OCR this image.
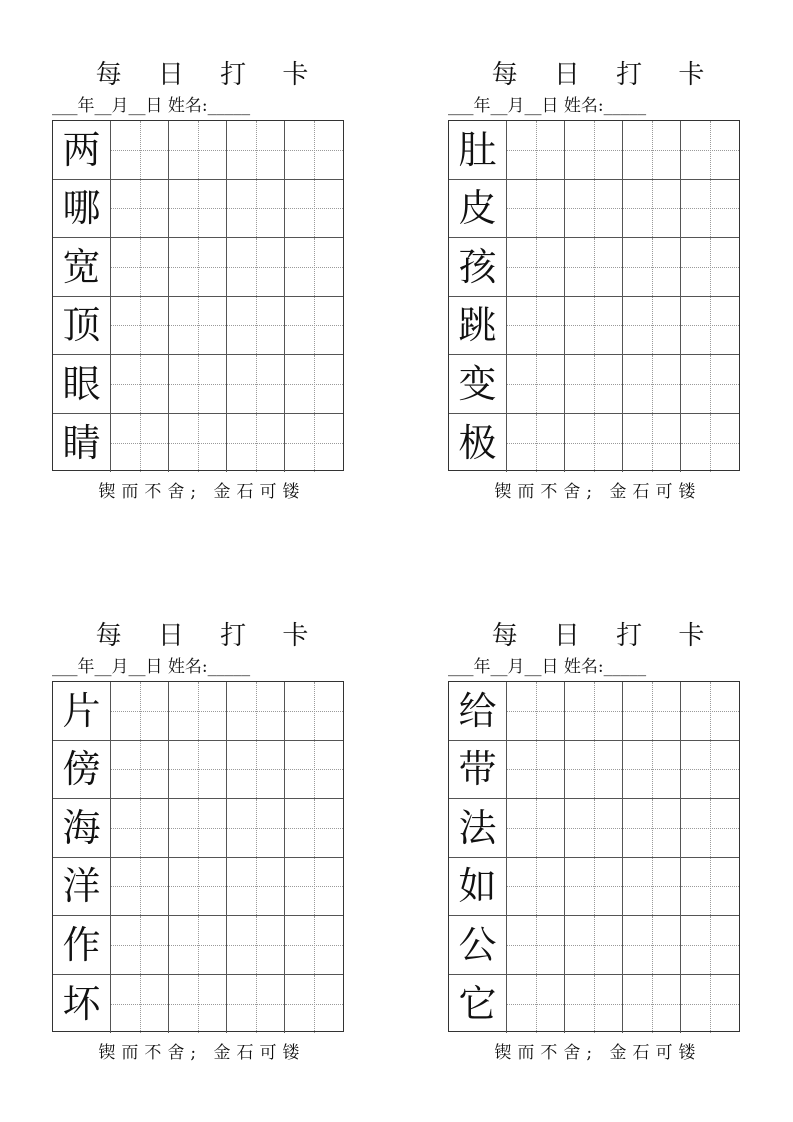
每 日 打 卡
___年__月__日 姓名:_____
两
哪
宽
顶
眼
睛
锲而不舍; 金石可镂
每 日 打 卡
___年__月__日 姓名:_____
肚
皮
孩
跳
变
极
锲而不舍; 金石可镂
每 日 打 卡
___年__月__日 姓名:_____
片
傍
海
洋
作
坏
锲而不舍; 金石可镂
每 日 打 卡
___年__月__日 姓名:_____
给
带
法
如
公
它
锲而不舍; 金石可镂
